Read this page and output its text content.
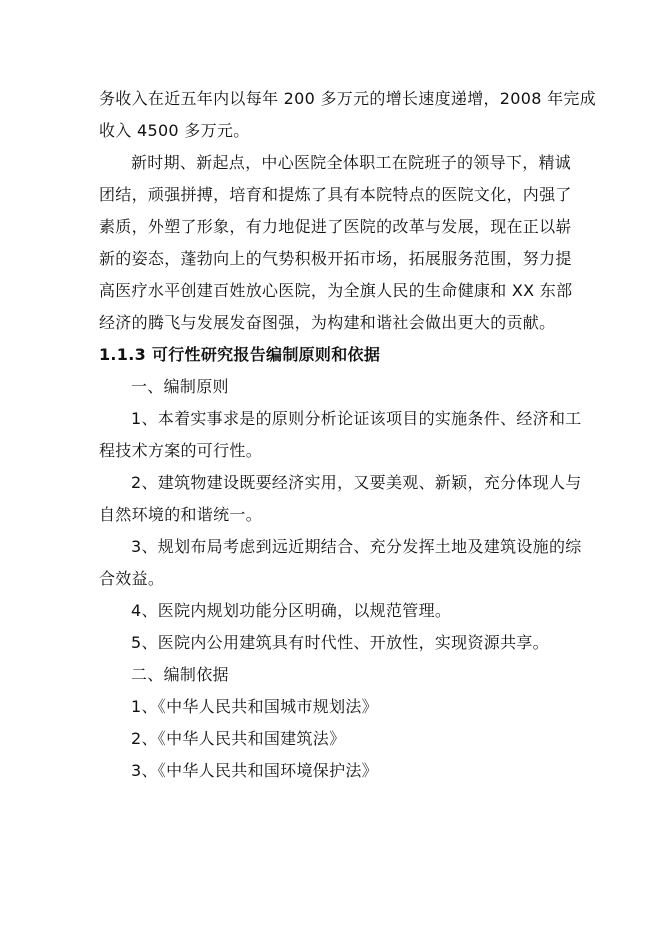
务收入在近五年内以每年 200 多万元的增长速度递增，2008 年完成
收入 4500 多万元。
新时期、新起点，中心医院全体职工在院班子的领导下，精诚
团结，顽强拼搏，培育和提炼了具有本院特点的医院文化，内强了
素质，外塑了形象，有力地促进了医院的改革与发展，现在正以崭
新的姿态，蓬勃向上的气势积极开拓市场，拓展服务范围，努力提
高医疗水平创建百姓放心医院，为全旗人民的生命健康和 XX 东部
经济的腾飞与发展发奋图强，为构建和谐社会做出更大的贡献。
1.1.3 可行性研究报告编制原则和依据
一、编制原则
1、本着实事求是的原则分析论证该项目的实施条件、经济和工
程技术方案的可行性。
2、建筑物建设既要经济实用，又要美观、新颖，充分体现人与
自然环境的和谐统一。
3、规划布局考虑到远近期结合、充分发挥土地及建筑设施的综
合效益。
4、医院内规划功能分区明确，以规范管理。
5、医院内公用建筑具有时代性、开放性，实现资源共享。
二、编制依据
1、《中华人民共和国城市规划法》
2、《中华人民共和国建筑法》
3、《中华人民共和国环境保护法》
